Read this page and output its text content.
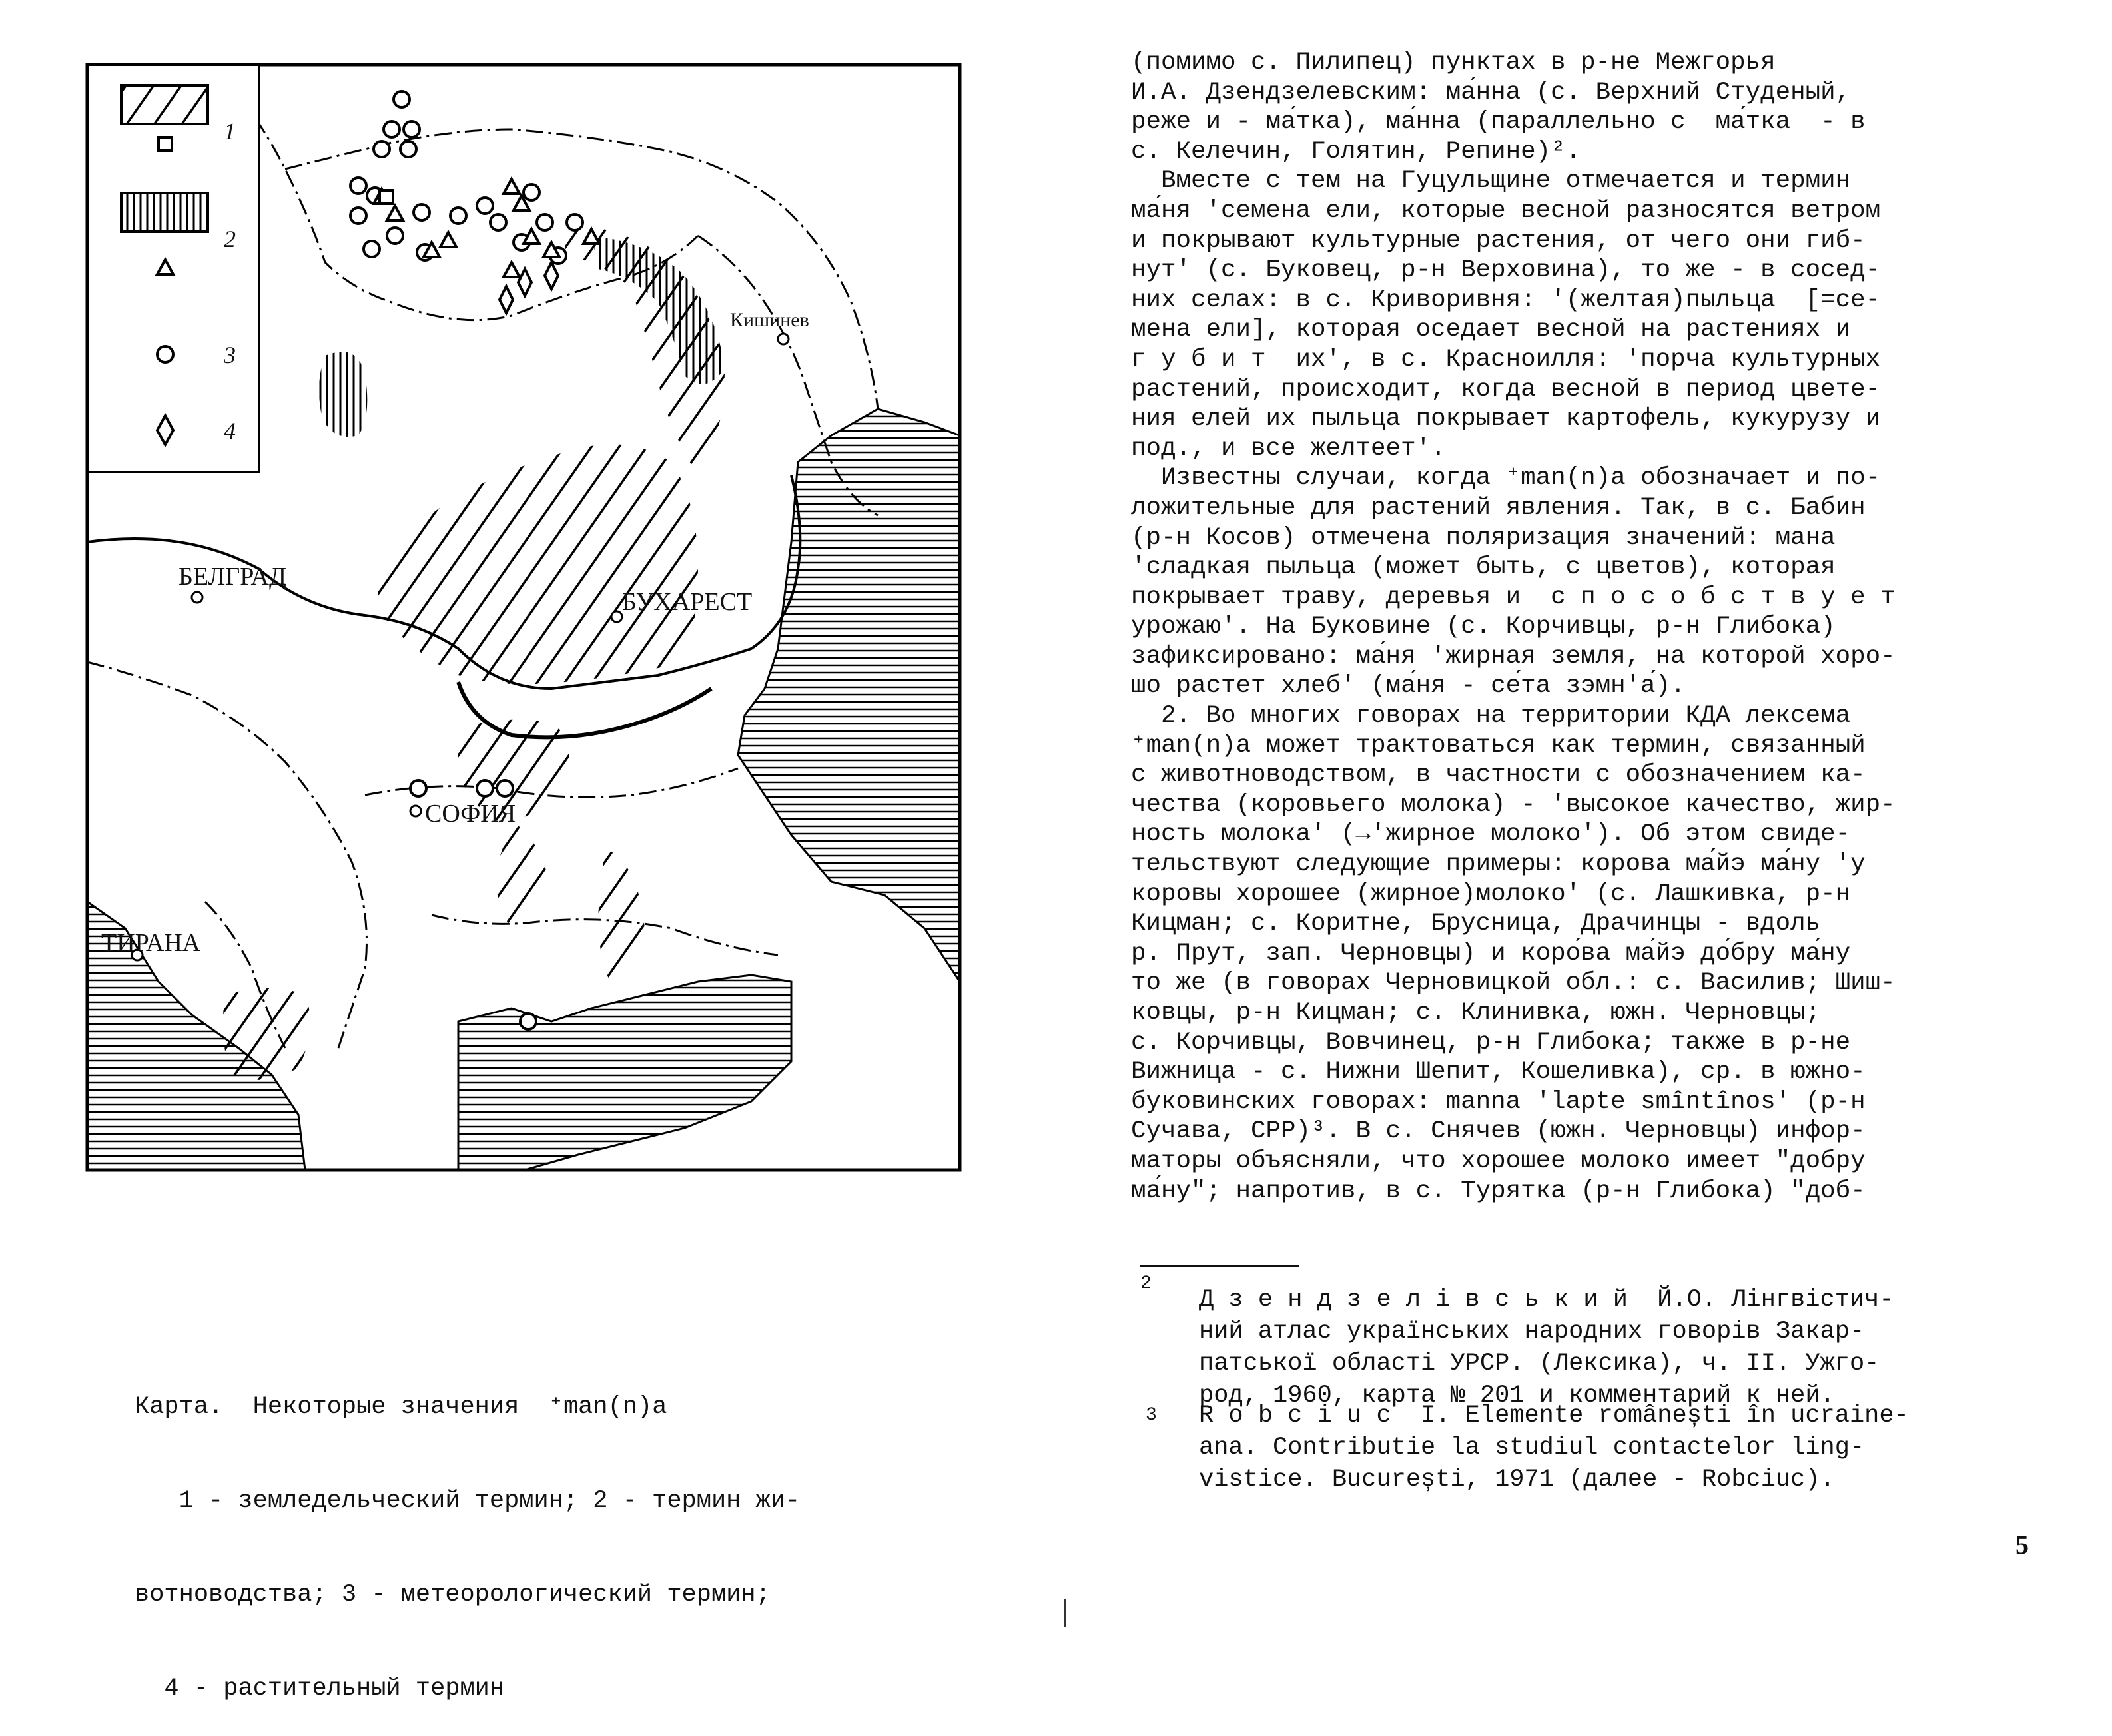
1
2
3
4
Кишинев
БЕЛГРАД
БУХАРЕСТ
СОФИЯ
ТИРАНА

Карта.  Некоторые значения  ⁺man(n)a

1 - земледельческий термин; 2 - термин жи-

вотноводства; 3 - метеорологический термин;

4 - растительный термин

(помимо с. Пилипец) пунктах в р-не Межгорья
И.А. Дзендзелевским: ма́нна (с. Верхний Студеный,
реже и - ма́тка), ма́нна (параллельно с  ма́тка  - в
с. Келечин, Голятин, Репине)².

Вместе с тем на Гуцульщине отмечается и термин
ма́ня 'семена ели, которые весной разносятся ветром
и покрывают культурные растения, от чего они гиб-
нут' (с. Буковец, р-н Верховина), то же - в сосед-
них селах: в с. Криворивня: '(желтая)пыльца  [=се-
мена ели], которая оседает весной на растениях и
г у б и т  их', в с. Красноилля: 'порча культурных
растений, происходит, когда весной в период цвете-
ния елей их пыльца покрывает картофель, кукурузу и
под., и все желтеет'.

Известны случаи, когда ⁺man(n)a обозначает и по-
ложительные для растений явления. Так, в с. Бабин
(р-н Косов) отмечена поляризация значений: мана
'сладкая пыльца (может быть, с цветов), которая
покрывает траву, деревья и  с п о с о б с т в у е т
урожаю'. На Буковине (с. Корчивцы, р-н Глибока)
зафиксировано: ма́ня 'жирная земля, на которой хоро-
шо растет хлеб' (ма́ня - се́та зэмн'а́).

2. Во многих говорах на территории КДА лексема
⁺man(n)a может трактоваться как термин, связанный
с животноводством, в частности с обозначением ка-
чества (коровьего молока) - 'высокое качество, жир-
ность молока' (→'жирное молоко'). Об этом свиде-
тельствуют следующие примеры: корова ма́йэ ма́ну 'у
коровы хорошее (жирное)молоко' (с. Лашкивка, р-н
Кицман; с. Коритне, Брусница, Драчинцы - вдоль
р. Прут, зап. Черновцы) и коро́ва ма́йэ до́бру ма́ну
то же (в говорах Черновицкой обл.: с. Василив; Шиш-
ковцы, р-н Кицман; с. Клинивка, южн. Черновцы;
с. Корчивцы, Вовчинец, р-н Глибока; также в р-не
Вижница - с. Нижни Шепит, Кошеливка), ср. в южно-
буковинских говорах: manna 'lapte smîntînos' (р-н
Сучава, СРР)³. В с. Снячев (южн. Черновцы) инфор-
маторы объясняли, что хорошее молоко имеет "добру
ма́ну"; напротив, в с. Турятка (р-н Глибока) "доб-

2
Д з е н д з е л і в с ь к и й  Й.О. Лінгвістич-
ний атлас українських народних говорів Закар-
патської області УРСР. (Лексика), ч. II. Ужго-
род, 1960, карта № 201 и комментарий к ней.
3 R o b c i u c  I. Elemente românești în ucraine-
ana. Contributie la studiul contactelor ling-
vistice. București, 1971 (далее - Robciuc).
5
